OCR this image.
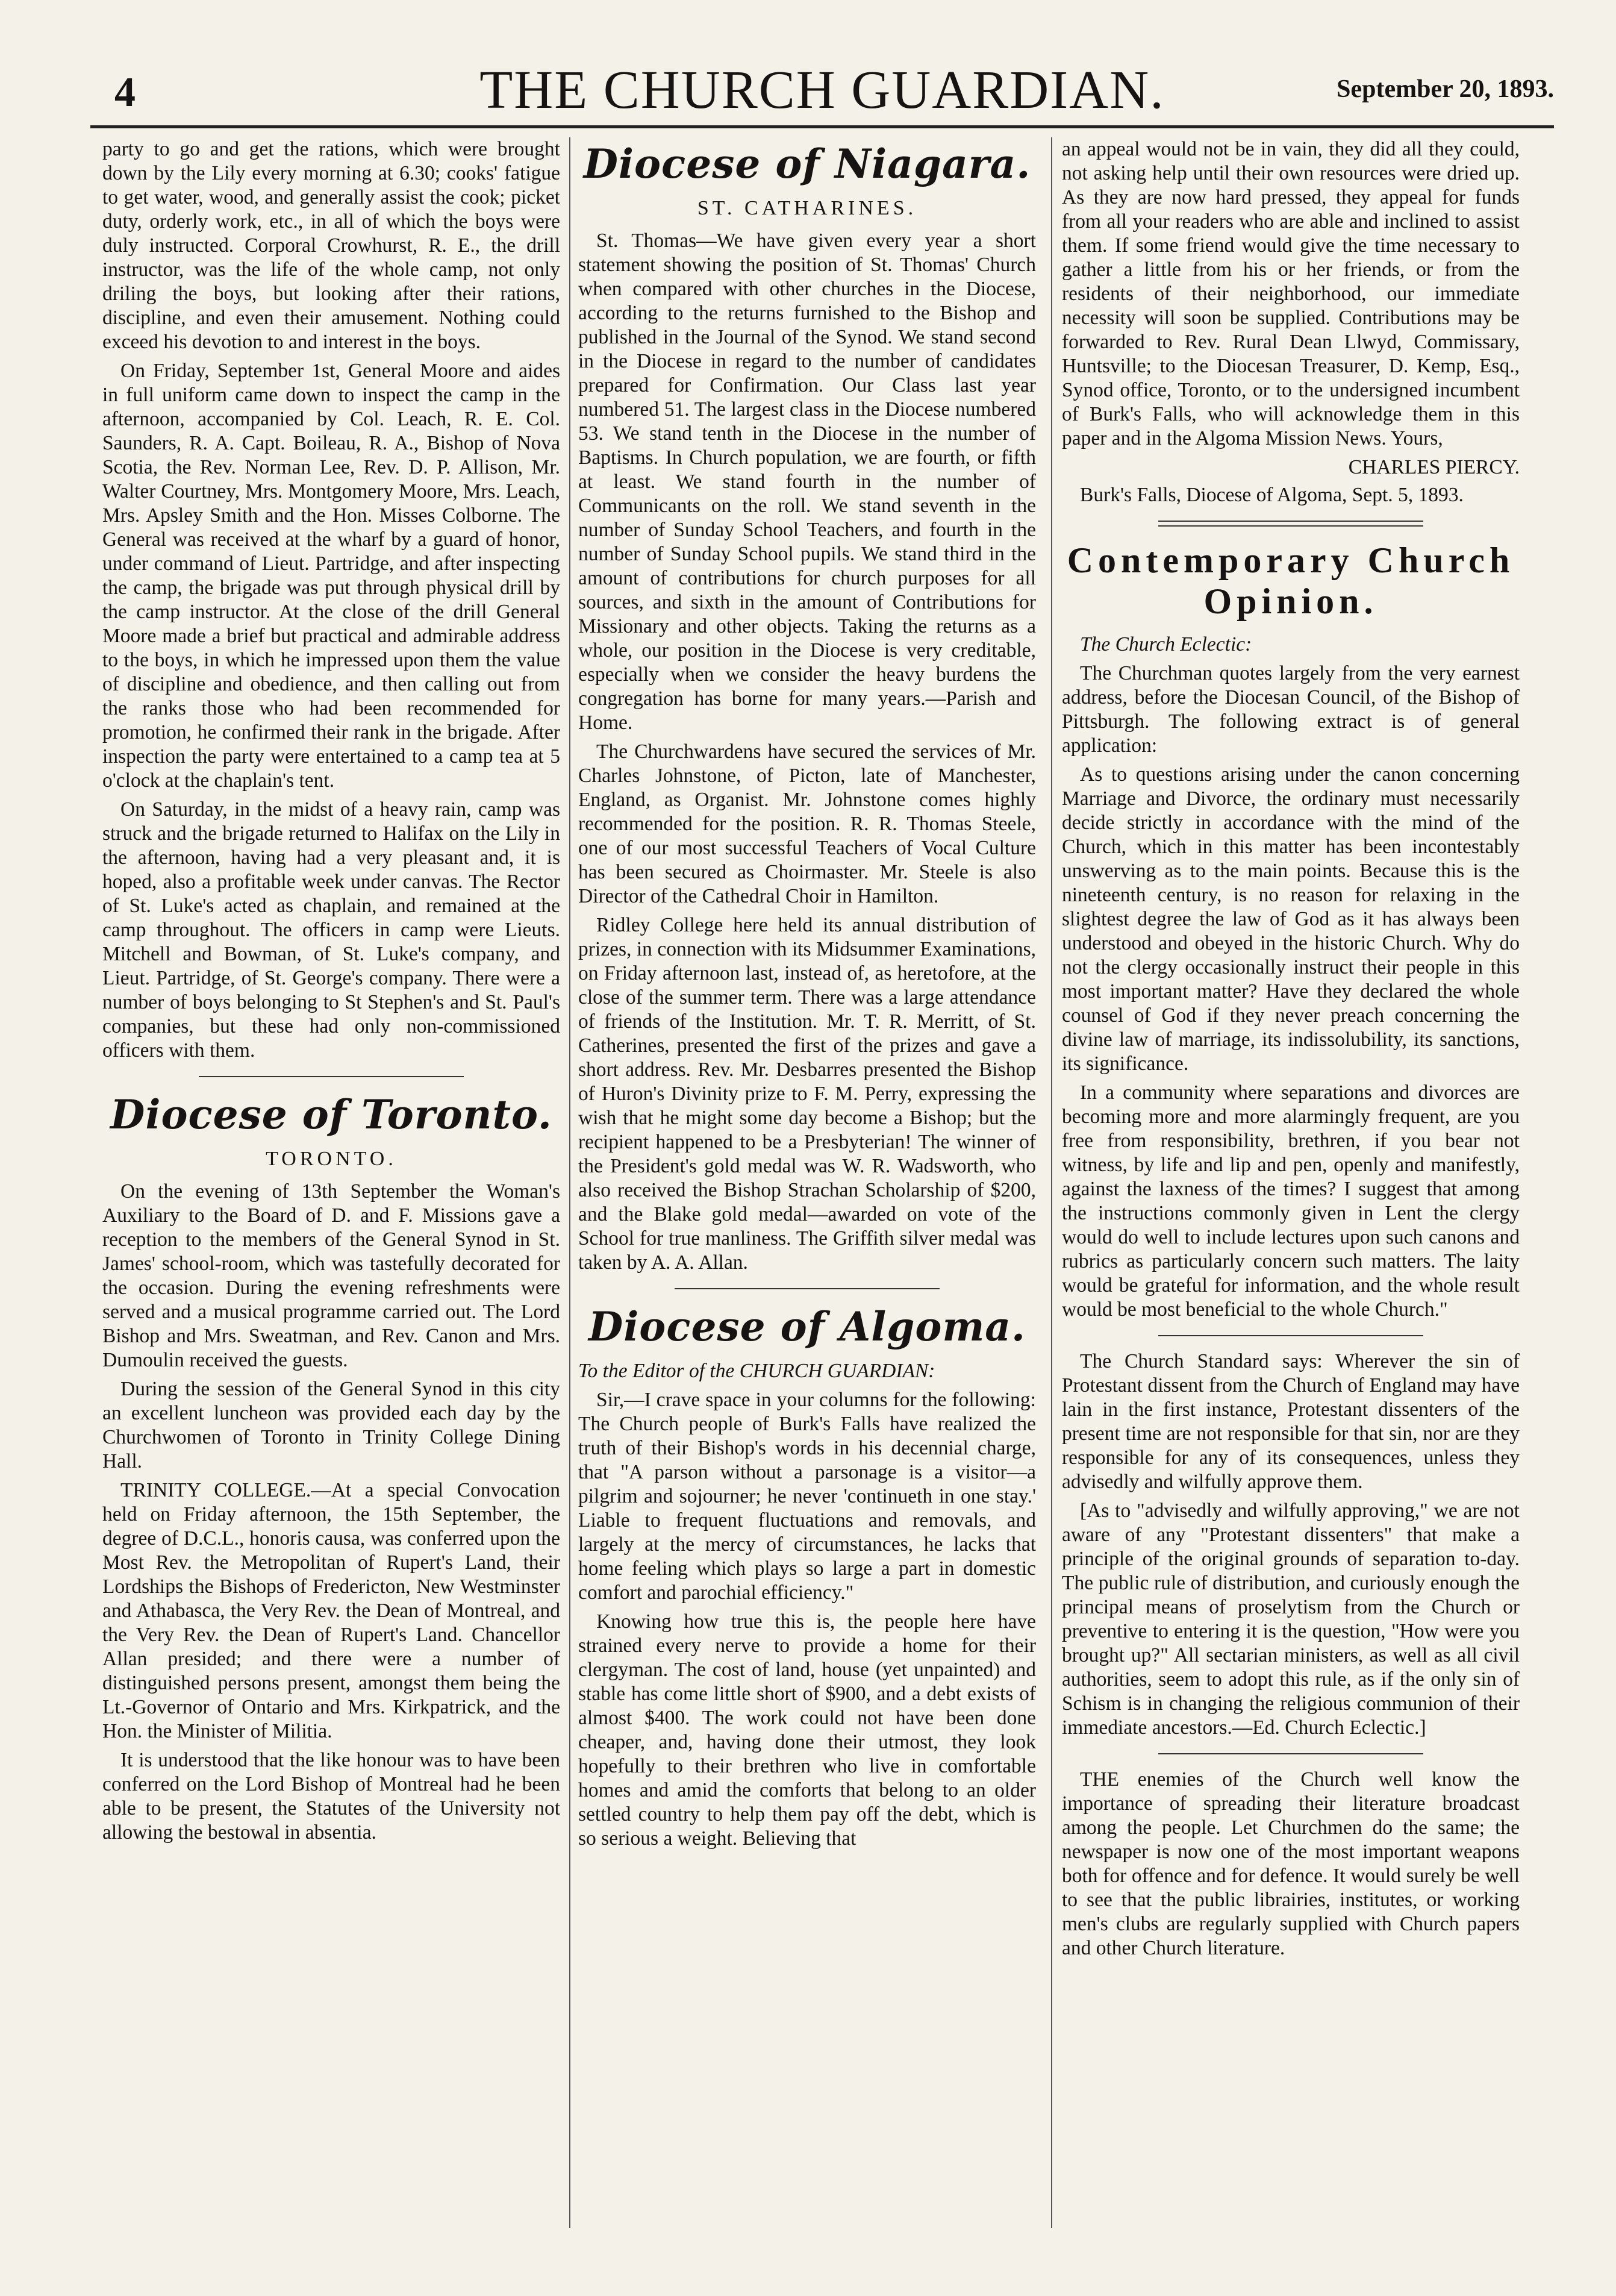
4	THE CHURCH GUARDIAN.	September 20, 1893.

party to go and get the rations, which were brought down by the Lily every morning at 6.30; cooks' fatigue to get water, wood, and generally assist the cook; picket duty, orderly work, etc., in all of which the boys were duly instructed. Corporal Crowhurst, R. E., the drill instructor, was the life of the whole camp, not only driling the boys, but looking after their rations, discipline, and even their amusement. Nothing could exceed his devotion to and interest in the boys.

On Friday, September 1st, General Moore and aides in full uniform came down to inspect the camp in the afternoon, accompanied by Col. Leach, R. E. Col. Saunders, R. A. Capt. Boileau, R. A., Bishop of Nova Scotia, the Rev. Norman Lee, Rev. D. P. Allison, Mr. Walter Courtney, Mrs. Montgomery Moore, Mrs. Leach, Mrs. Apsley Smith and the Hon. Misses Colborne. The General was received at the wharf by a guard of honor, under command of Lieut. Partridge, and after inspecting the camp, the brigade was put through physical drill by the camp instructor. At the close of the drill General Moore made a brief but practical and admirable address to the boys, in which he impressed upon them the value of discipline and obedience, and then calling out from the ranks those who had been recommended for promotion, he confirmed their rank in the brigade. After inspection the party were entertained to a camp tea at 5 o'clock at the chaplain's tent.

On Saturday, in the midst of a heavy rain, camp was struck and the brigade returned to Halifax on the Lily in the afternoon, having had a very pleasant and, it is hoped, also a profitable week under canvas. The Rector of St. Luke's acted as chaplain, and remained at the camp throughout. The officers in camp were Lieuts. Mitchell and Bowman, of St. Luke's company, and Lieut. Partridge, of St. George's company. There were a number of boys belonging to St Stephen's and St. Paul's companies, but these had only non-commissioned officers with them.

Diocese of Toronto.
TORONTO.

On the evening of 13th September the Woman's Auxiliary to the Board of D. and F. Missions gave a reception to the members of the General Synod in St. James' school-room, which was tastefully decorated for the occasion. During the evening refreshments were served and a musical programme carried out. The Lord Bishop and Mrs. Sweatman, and Rev. Canon and Mrs. Dumoulin received the guests.

During the session of the General Synod in this city an excellent luncheon was provided each day by the Churchwomen of Toronto in Trinity College Dining Hall.

TRINITY COLLEGE.—At a special Convocation held on Friday afternoon, the 15th September, the degree of D.C.L., honoris causa, was conferred upon the Most Rev. the Metropolitan of Rupert's Land, their Lordships the Bishops of Fredericton, New Westminster and Athabasca, the Very Rev. the Dean of Montreal, and the Very Rev. the Dean of Rupert's Land. Chancellor Allan presided; and there were a number of distinguished persons present, amongst them being the Lt.-Governor of Ontario and Mrs. Kirkpatrick, and the Hon. the Minister of Militia.

It is understood that the like honour was to have been conferred on the Lord Bishop of Montreal had he been able to be present, the Statutes of the University not allowing the bestowal in absentia.

Diocese of Niagara.
ST. CATHARINES.

St. Thomas—We have given every year a short statement showing the position of St. Thomas' Church when compared with other churches in the Diocese, according to the returns furnished to the Bishop and published in the Journal of the Synod. We stand second in the Diocese in regard to the number of candidates prepared for Confirmation. Our Class last year numbered 51. The largest class in the Diocese numbered 53. We stand tenth in the Diocese in the number of Baptisms. In Church population, we are fourth, or fifth at least. We stand fourth in the number of Communicants on the roll. We stand seventh in the number of Sunday School Teachers, and fourth in the number of Sunday School pupils. We stand third in the amount of contributions for church purposes for all sources, and sixth in the amount of Contributions for Missionary and other objects. Taking the returns as a whole, our position in the Diocese is very creditable, especially when we consider the heavy burdens the congregation has borne for many years.—Parish and Home.

The Churchwardens have secured the services of Mr. Charles Johnstone, of Picton, late of Manchester, England, as Organist. Mr. Johnstone comes highly recommended for the position. R. R. Thomas Steele, one of our most successful Teachers of Vocal Culture has been secured as Choirmaster. Mr. Steele is also Director of the Cathedral Choir in Hamilton.

Ridley College here held its annual distribution of prizes, in connection with its Midsummer Examinations, on Friday afternoon last, instead of, as heretofore, at the close of the summer term. There was a large attendance of friends of the Institution. Mr. T. R. Merritt, of St. Catherines, presented the first of the prizes and gave a short address. Rev. Mr. Desbarres presented the Bishop of Huron's Divinity prize to F. M. Perry, expressing the wish that he might some day become a Bishop; but the recipient happened to be a Presbyterian! The winner of the President's gold medal was W. R. Wadsworth, who also received the Bishop Strachan Scholarship of $200, and the Blake gold medal—awarded on vote of the School for true manliness. The Griffith silver medal was taken by A. A. Allan.

Diocese of Algoma.

To the Editor of the CHURCH GUARDIAN:

Sir,—I crave space in your columns for the following: The Church people of Burk's Falls have realized the truth of their Bishop's words in his decennial charge, that "A parson without a parsonage is a visitor—a pilgrim and sojourner; he never 'continueth in one stay.' Liable to frequent fluctuations and removals, and largely at the mercy of circumstances, he lacks that home feeling which plays so large a part in domestic comfort and parochial efficiency."

Knowing how true this is, the people here have strained every nerve to provide a home for their clergyman. The cost of land, house (yet unpainted) and stable has come little short of $900, and a debt exists of almost $400. The work could not have been done cheaper, and, having done their utmost, they look hopefully to their brethren who live in comfortable homes and amid the comforts that belong to an older settled country to help them pay off the debt, which is so serious a weight. Believing that

an appeal would not be in vain, they did all they could, not asking help until their own resources were dried up. As they are now hard pressed, they appeal for funds from all your readers who are able and inclined to assist them. If some friend would give the time necessary to gather a little from his or her friends, or from the residents of their neighborhood, our immediate necessity will soon be supplied. Contributions may be forwarded to Rev. Rural Dean Llwyd, Commissary, Huntsville; to the Diocesan Treasurer, D. Kemp, Esq., Synod office, Toronto, or to the undersigned incumbent of Burk's Falls, who will acknowledge them in this paper and in the Algoma Mission News. Yours,

CHARLES PIERCY.

Burk's Falls, Diocese of Algoma, Sept. 5, 1893.

Contemporary Church Opinion.

The Church Eclectic:

The Churchman quotes largely from the very earnest address, before the Diocesan Council, of the Bishop of Pittsburgh. The following extract is of general application:

As to questions arising under the canon concerning Marriage and Divorce, the ordinary must necessarily decide strictly in accordance with the mind of the Church, which in this matter has been incontestably unswerving as to the main points. Because this is the nineteenth century, is no reason for relaxing in the slightest degree the law of God as it has always been understood and obeyed in the historic Church. Why do not the clergy occasionally instruct their people in this most important matter? Have they declared the whole counsel of God if they never preach concerning the divine law of marriage, its indissolubility, its sanctions, its significance.

In a community where separations and divorces are becoming more and more alarmingly frequent, are you free from responsibility, brethren, if you bear not witness, by life and lip and pen, openly and manifestly, against the laxness of the times? I suggest that among the instructions commonly given in Lent the clergy would do well to include lectures upon such canons and rubrics as particularly concern such matters. The laity would be grateful for information, and the whole result would be most beneficial to the whole Church."

The Church Standard says: Wherever the sin of Protestant dissent from the Church of England may have lain in the first instance, Protestant dissenters of the present time are not responsible for that sin, nor are they responsible for any of its consequences, unless they advisedly and wilfully approve them.

[As to "advisedly and wilfully approving," we are not aware of any "Protestant dissenters" that make a principle of the original grounds of separation to-day. The public rule of distribution, and curiously enough the principal means of proselytism from the Church or preventive to entering it is the question, "How were you brought up?" All sectarian ministers, as well as all civil authorities, seem to adopt this rule, as if the only sin of Schism is in changing the religious communion of their immediate ancestors.—Ed. Church Eclectic.]

THE enemies of the Church well know the importance of spreading their literature broadcast among the people. Let Churchmen do the same; the newspaper is now one of the most important weapons both for offence and for defence. It would surely be well to see that the public librairies, institutes, or working men's clubs are regularly supplied with Church papers and other Church literature.
